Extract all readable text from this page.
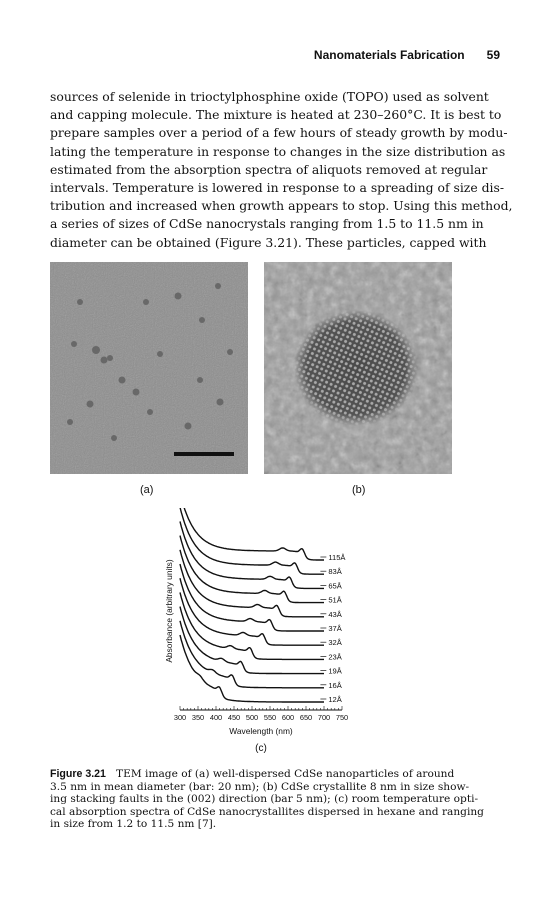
Nanomaterials Fabrication 59

sources of selenide in trioctylphosphine oxide (TOPO) used as solvent
and capping molecule. The mixture is heated at 230–260°C. It is best to
prepare samples over a period of a few hours of steady growth by modu-
lating the temperature in response to changes in the size distribution as
estimated from the absorption spectra of aliquots removed at regular
intervals. Temperature is lowered in response to a spreading of size dis-
tribution and increased when growth appears to stop. Using this method,
a series of sizes of CdSe nanocrystals ranging from 1.5 to 11.5 nm in
diameter can be obtained (Figure 3.21). These particles, capped with

(a)	(b)
300 350 400 450 500 550 600 650 700 750
12Å
16Å
19Å
23Å
32Å
37Å
43Å
51Å
65Å
83Å
115Å
Absorbance (arbitrary units)
Wavelength (nm)
(c)

Figure 3.21 TEM image of (a) well-dispersed CdSe nanoparticles of around
3.5 nm in mean diameter (bar: 20 nm); (b) CdSe crystallite 8 nm in size show-
ing stacking faults in the (002) direction (bar 5 nm); (c) room temperature opti-
cal absorption spectra of CdSe nanocrystallites dispersed in hexane and ranging
in size from 1.2 to 11.5 nm [7].
